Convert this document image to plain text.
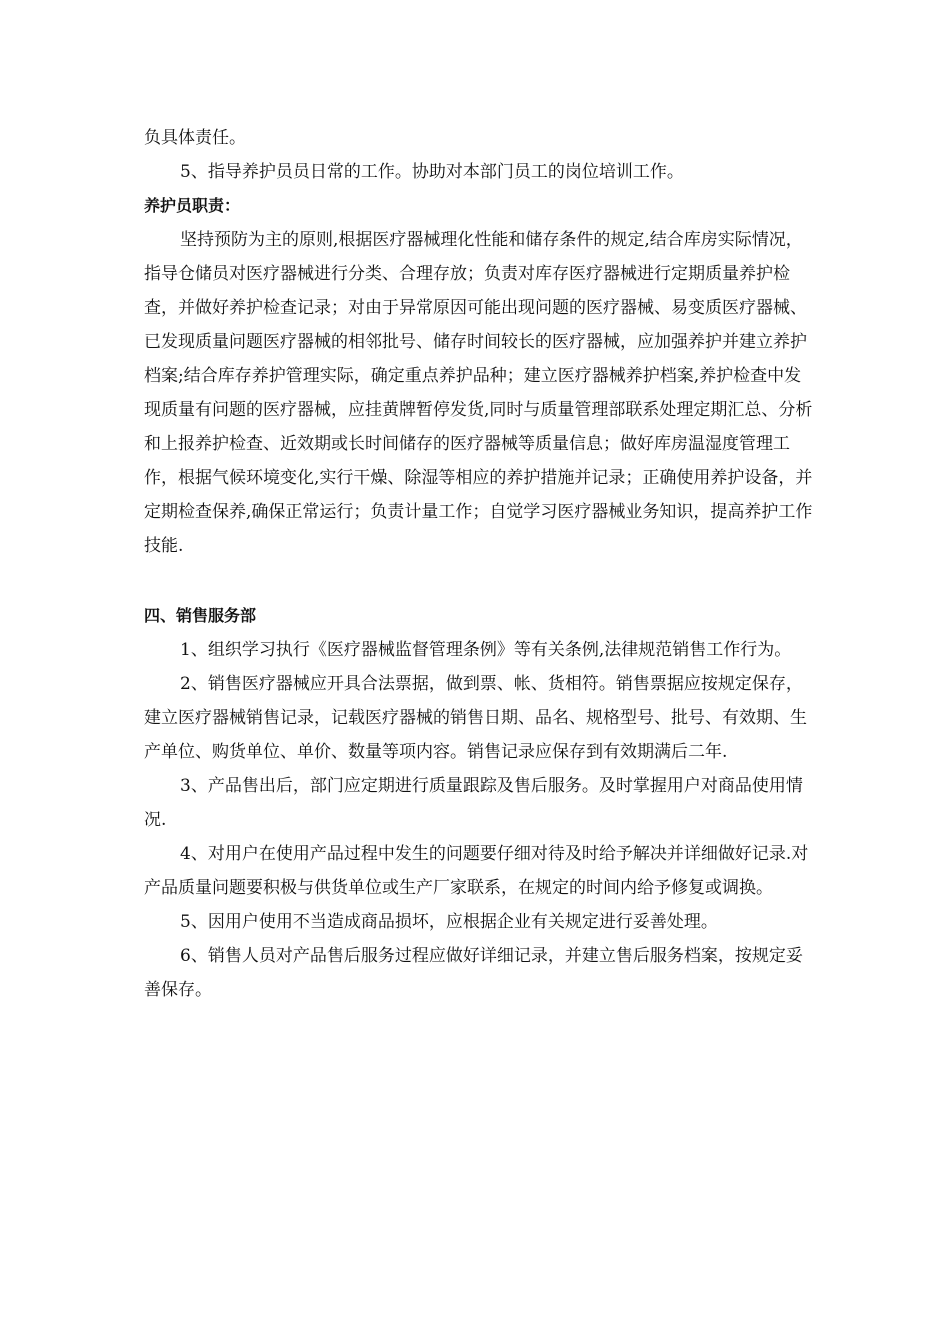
负具体责任。

5、指导养护员员日常的工作。协助对本部门员工的岗位培训工作。

养护员职责：

坚持预防为主的原则,根据医疗器械理化性能和储存条件的规定,结合库房实际情况，指导仓储员对医疗器械进行分类、合理存放；负责对库存医疗器械进行定期质量养护检查，并做好养护检查记录；对由于异常原因可能出现问题的医疗器械、易变质医疗器械、已发现质量问题医疗器械的相邻批号、储存时间较长的医疗器械，应加强养护并建立养护档案;结合库存养护管理实际，确定重点养护品种；建立医疗器械养护档案,养护检查中发现质量有问题的医疗器械，应挂黄牌暂停发货,同时与质量管理部联系处理定期汇总、分析和上报养护检查、近效期或长时间储存的医疗器械等质量信息；做好库房温湿度管理工作，根据气候环境变化,实行干燥、除湿等相应的养护措施并记录；正确使用养护设备，并定期检查保养,确保正常运行；负责计量工作；自觉学习医疗器械业务知识，提高养护工作技能.

四、销售服务部

1、组织学习执行《医疗器械监督管理条例》等有关条例,法律规范销售工作行为。

2、销售医疗器械应开具合法票据，做到票、帐、货相符。销售票据应按规定保存，建立医疗器械销售记录，记载医疗器械的销售日期、品名、规格型号、批号、有效期、生产单位、购货单位、单价、数量等项内容。销售记录应保存到有效期满后二年.

3、产品售出后，部门应定期进行质量跟踪及售后服务。及时掌握用户对商品使用情况.

4、对用户在使用产品过程中发生的问题要仔细对待及时给予解决并详细做好记录.对产品质量问题要积极与供货单位或生产厂家联系，在规定的时间内给予修复或调换。

5、因用户使用不当造成商品损坏，应根据企业有关规定进行妥善处理。

6、销售人员对产品售后服务过程应做好详细记录，并建立售后服务档案，按规定妥善保存。
